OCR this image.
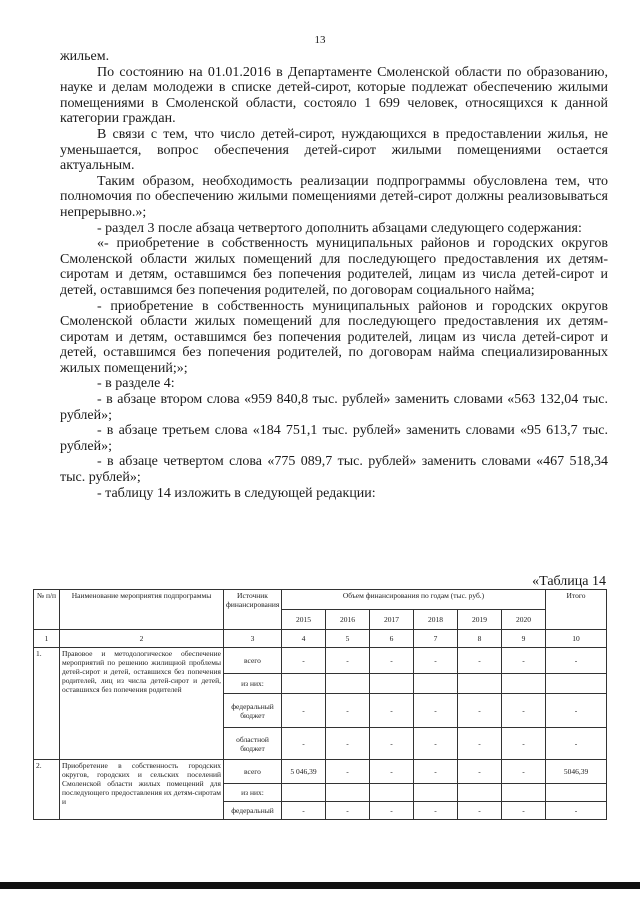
13

жильем.

По состоянию на 01.01.2016 в Департаменте Смоленской области по образованию, науке и делам молодежи в списке детей-сирот, которые подлежат обеспечению жилыми помещениями в Смоленской области, состояло 1 699 человек, относящихся к данной категории граждан.

В связи с тем, что число детей-сирот, нуждающихся в предоставлении жилья, не уменьшается, вопрос обеспечения детей-сирот жилыми помещениями остается актуальным.

Таким образом, необходимость реализации подпрограммы обусловлена тем, что полномочия по обеспечению жилыми помещениями детей-сирот должны реализовываться непрерывно.»;

- раздел 3 после абзаца четвертого дополнить абзацами следующего содержания:

«- приобретение в собственность муниципальных районов и городских округов Смоленской области жилых помещений для последующего предоставления их детям-сиротам и детям, оставшимся без попечения родителей, лицам из числа детей-сирот и детей, оставшимся без попечения родителей, по договорам социального найма;

- приобретение в собственность муниципальных районов и городских округов Смоленской области жилых помещений для последующего предоставления их детям-сиротам и детям, оставшимся без попечения родителей, лицам из числа детей-сирот и детей, оставшимся без попечения родителей, по договорам найма специализированных жилых помещений;»;

- в разделе 4:

- в абзаце втором слова «959 840,8 тыс. рублей» заменить словами «563 132,04 тыс. рублей»;

- в абзаце третьем слова «184 751,1 тыс. рублей» заменить словами «95 613,7 тыс. рублей»;

- в абзаце четвертом слова «775 089,7 тыс. рублей» заменить словами «467 518,34 тыс. рублей»;

- таблицу 14 изложить в следующей редакции:

«Таблица 14
№ п/п	Наименование мероприятия подпрограммы	Источник финансирования	Объем финансирования по годам (тыс. руб.)						Итого
			2015	2016	2017	2018	2019	2020	
1	2	3	4	5	6	7	8	9	10
1.	Правовое и методологическое обеспечение мероприятий по решению жилищной проблемы детей-сирот и детей, оставшихся без попечения родителей, лиц из числа детей-сирот и детей, оставшихся без попечения родителей	всего	-	-	-	-	-	-	-
		из них:							
		федеральный бюджет	-	-	-	-	-	-	-
		областной бюджет	-	-	-	-	-	-	-
2.	Приобретение в собственность городских округов, городских и сельских поселений Смоленской области жилых помещений для последующего предоставления их детям-сиротам и	всего	5 046,39	-	-	-	-	-	5046,39
		из них:							
		федеральный	-	-	-	-	-	-	-
